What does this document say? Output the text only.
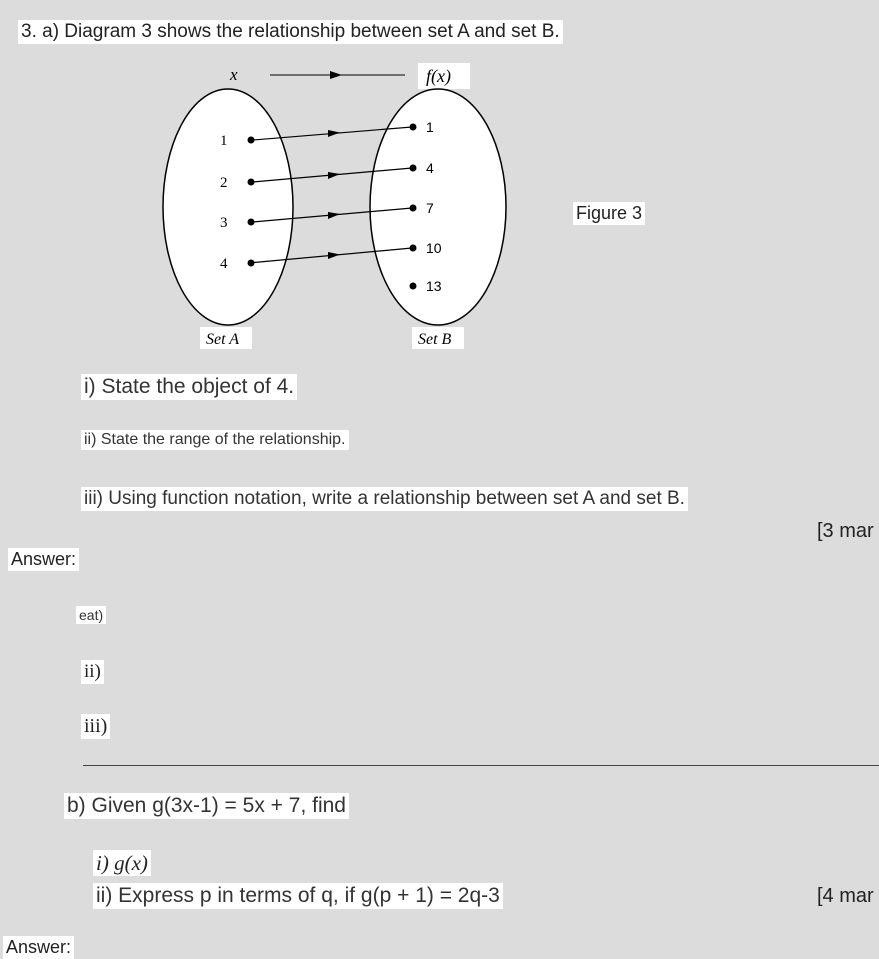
3. a) Diagram 3 shows the relationship between set A and set B.
x	f(x)
1
2
3
4
1
4
7
10
13
Set A	Set B
Figure 3
i) State the object of 4.
ii) State the range of the relationship.
iii) Using function notation, write a relationship between set A and set B.
[3 mar
Answer:
eat)
ii)
iii)
b) Given g(3x-1) = 5x + 7, find
i) g(x)
ii) Express p in terms of q, if g(p + 1) = 2q-3	[4 mar
Answer:
